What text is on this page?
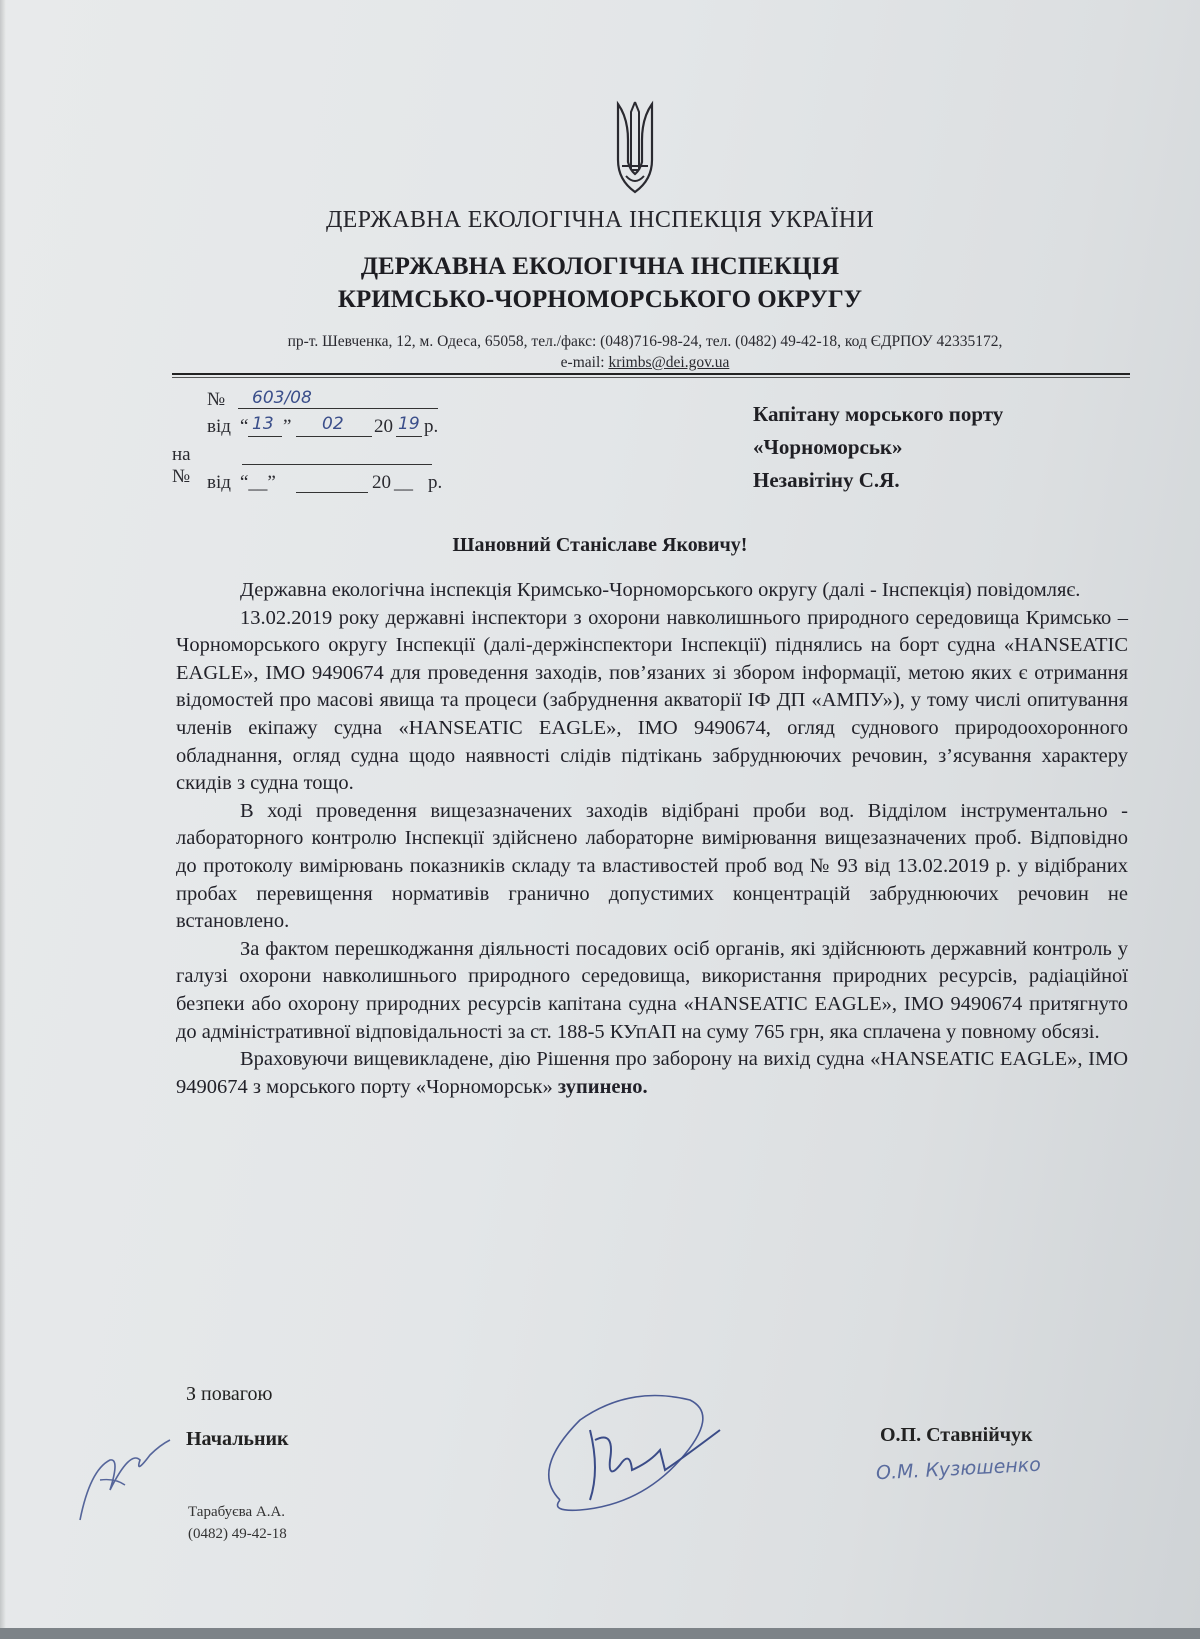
ДЕРЖАВНА ЕКОЛОГІЧНА ІНСПЕКЦІЯ УКРАЇНИ
ДЕРЖАВНА ЕКОЛОГІЧНА ІНСПЕКЦІЯ
КРИМСЬКО-ЧОРНОМОРСЬКОГО ОКРУГУ
пр-т. Шевченка, 12, м. Одеса, 65058, тел./факс: (048)716-98-24, тел. (0482) 49-42-18, код ЄДРПОУ 42335172,
e-mail: krimbs@dei.gov.ua
№ 603/08
від “ 13 ” 02 20 19 р.
на № від “__”	20 __ р.
Капітану морського порту
«Чорноморськ»
Незавітіну С.Я.
Шановний Станіславе Яковичу!

Державна екологічна інспекція Кримсько-Чорноморського округу (далі - Інспекція) повідомляє.

13.02.2019 року державні інспектори з охорони навколишнього природного середовища Кримсько – Чорноморського округу Інспекції (далі-держінспектори Інспекції) піднялись на борт судна «HANSEATIC EAGLE», IMO 9490674 для проведення заходів, пов’язаних зі збором інформації, метою яких є отримання відомостей про масові явища та процеси (забруднення акваторії ІФ ДП «АМПУ»), у тому числі опитування членів екіпажу судна «HANSEATIC EAGLE», IMO 9490674, огляд суднового природоохоронного обладнання, огляд судна щодо наявності слідів підтікань забруднюючих речовин, з’ясування характеру скидів з судна тощо.

В ході проведення вищезазначених заходів відібрані проби вод. Відділом інструментально - лабораторного контролю Інспекції здійснено лабораторне вимірювання вищезазначених проб. Відповідно до протоколу вимірювань показників складу та властивостей проб вод № 93 від 13.02.2019 р. у відібраних пробах перевищення нормативів гранично допустимих концентрацій забруднюючих речовин не встановлено.

За фактом перешкоджання діяльності посадових осіб органів, які здійснюють державний контроль у галузі охорони навколишнього природного середовища, використання природних ресурсів, радіаційної безпеки або охорону природних ресурсів капітана судна «HANSEATIC EAGLE», IMO 9490674 притягнуто до адміністративної відповідальності за ст. 188-5 КУпАП на суму 765 грн, яка сплачена у повному обсязі.

Враховуючи вищевикладене, дію Рішення про заборону на вихід судна «HANSEATIC EAGLE», IMO 9490674 з морського порту «Чорноморськ» зупинено.

З повагою
Начальник	О.П. Ставнійчук
О.М. Кузюшенко
Тарабуєва А.А.
(0482) 49-42-18
